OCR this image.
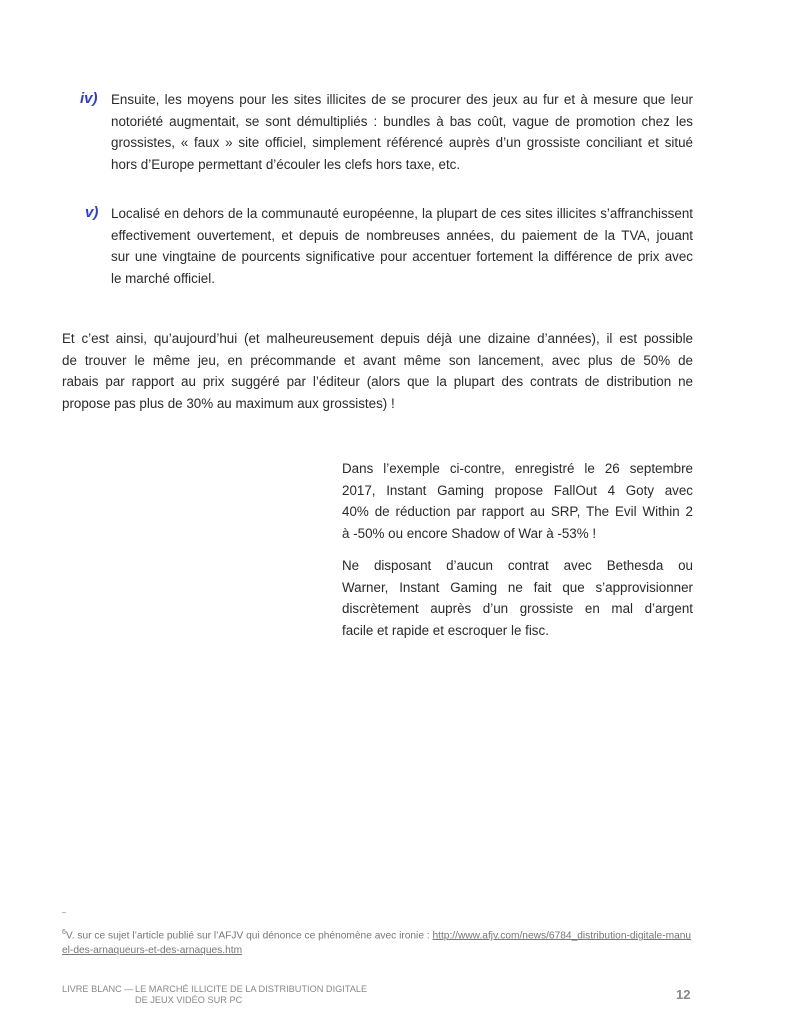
iv) Ensuite, les moyens pour les sites illicites de se procurer des jeux au fur et à mesure que leur
notoriété augmentait, se sont démultipliés : bundles à bas coût, vague de promotion chez les
grossistes, « faux » site officiel, simplement référencé auprès d’un grossiste conciliant et situé
hors d’Europe permettant d’écouler les clefs hors taxe, etc.
v) Localisé en dehors de la communauté européenne, la plupart de ces sites illicites s’affranchissent
effectivement ouvertement, et depuis de nombreuses années, du paiement de la TVA, jouant
sur une vingtaine de pourcents significative pour accentuer fortement la différence de prix avec
le marché officiel.
Et c’est ainsi, qu’aujourd’hui (et malheureusement depuis déjà une dizaine d’années), il est possible
de trouver le même jeu, en précommande et avant même son lancement, avec plus de 50% de
rabais par rapport au prix suggéré par l’éditeur (alors que la plupart des contrats de distribution ne
propose pas plus de 30% au maximum aux grossistes) !
Dans l’exemple ci-contre, enregistré le 26 septembre
2017, Instant Gaming propose FallOut 4 Goty avec
40% de réduction par rapport au SRP, The Evil Within 2
à -50% ou encore Shadow of War à -53% !
Ne disposant d’aucun contrat avec Bethesda ou
Warner, Instant Gaming ne fait que s’approvisionner
discrètement auprès d’un grossiste en mal d’argent
facile et rapide et escroquer le fisc.
$^6$V. sur ce sujet l’article publié sur l’AFJV qui dénonce ce phénomène avec ironie : http://www.afjv.com/news/6784_distribution-digitale-manuel-des-arnaqueurs-et-des-arnaques.htm
LIVRE BLANC — LE MARCHÉ ILLICITE DE LA DISTRIBUTION DIGITALE
DE JEUX VIDÉO SUR PC	12
